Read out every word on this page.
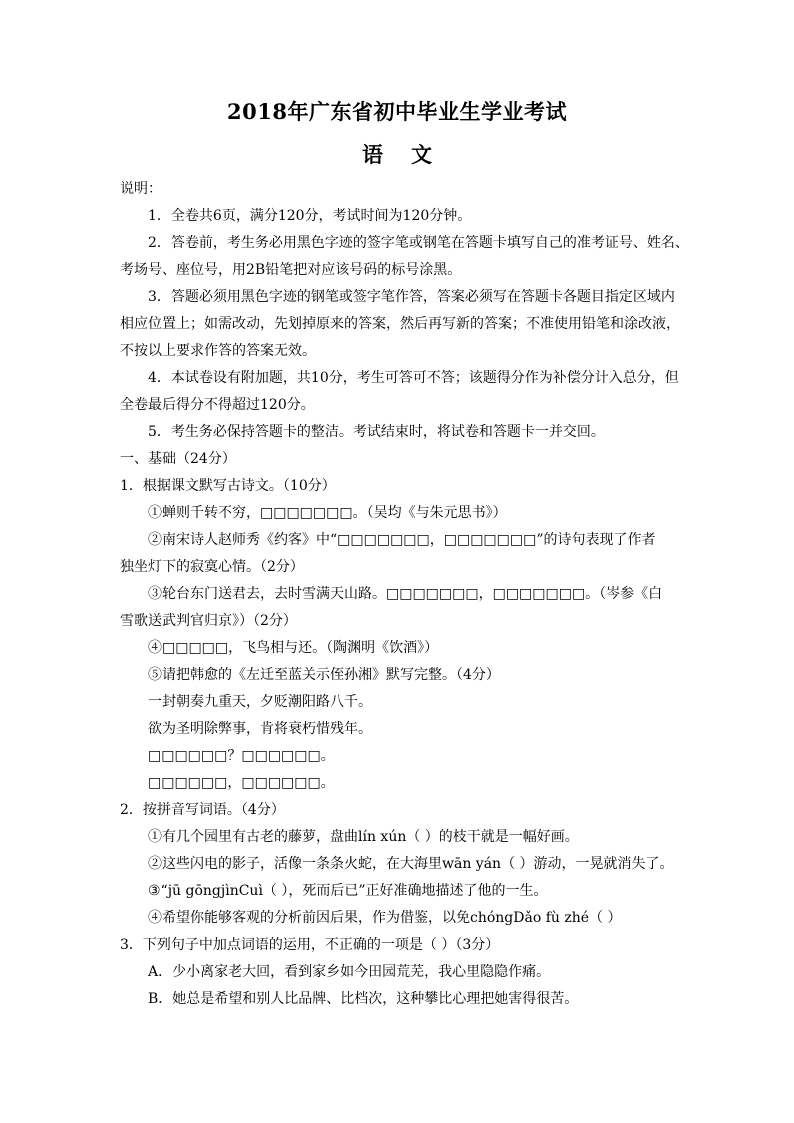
2018年广东省初中毕业生学业考试
语 文
说明：
1．全卷共6页，满分120分，考试时间为120分钟。
2．答卷前，考生务必用黑色字迹的签字笔或钢笔在答题卡填写自己的准考证号、姓名、
考场号、座位号，用2B铅笔把对应该号码的标号涂黑。
3．答题必须用黑色字迹的钢笔或签字笔作答，答案必须写在答题卡各题目指定区域内
相应位置上；如需改动，先划掉原来的答案，然后再写新的答案；不准使用铅笔和涂改液，
不按以上要求作答的答案无效。
4．本试卷设有附加题，共10分，考生可答可不答；该题得分作为补偿分计入总分，但
全卷最后得分不得超过120分。
5．考生务必保持答题卡的整洁。考试结束时，将试卷和答题卡一并交回。
一、基础（24分）
1．根据课文默写古诗文。（10分）
①蝉则千转不穷，□□□□□□□。（吴均《与朱元思书》）
②南宋诗人赵师秀《约客》中“□□□□□□□，□□□□□□□”的诗句表现了作者
独坐灯下的寂寞心情。（2分）
③轮台东门送君去，去时雪满天山路。□□□□□□□，□□□□□□□。（岑参《白
雪歌送武判官归京》）（2分）
④□□□□□，飞鸟相与还。（陶渊明《饮酒》）
⑤请把韩愈的《左迁至蓝关示侄孙湘》默写完整。（4分）
一封朝奏九重天，夕贬潮阳路八千。
欲为圣明除弊事，肯将衰朽惜残年。
□□□□□□？□□□□□□。
□□□□□□，□□□□□□。
2．按拼音写词语。（4分）
①有几个园里有古老的藤萝，盘曲lín xún（ ）的枝干就是一幅好画。
②这些闪电的影子，活像一条条火蛇，在大海里wān yán（ ）游动，一晃就消失了。
③“jū gōngjìnCuì（ ），死而后已”正好准确地描述了他的一生。
④希望你能够客观的分析前因后果，作为借鉴，以免chóngDǎo fù zhé（ ）
3．下列句子中加点词语的运用，不正确的一项是（ ）（3分）
A．少小离家老大回，看到家乡如今田园荒芜，我心里隐隐作痛。
B．她总是希望和别人比品牌、比档次，这种攀比心理把她害得很苦。
